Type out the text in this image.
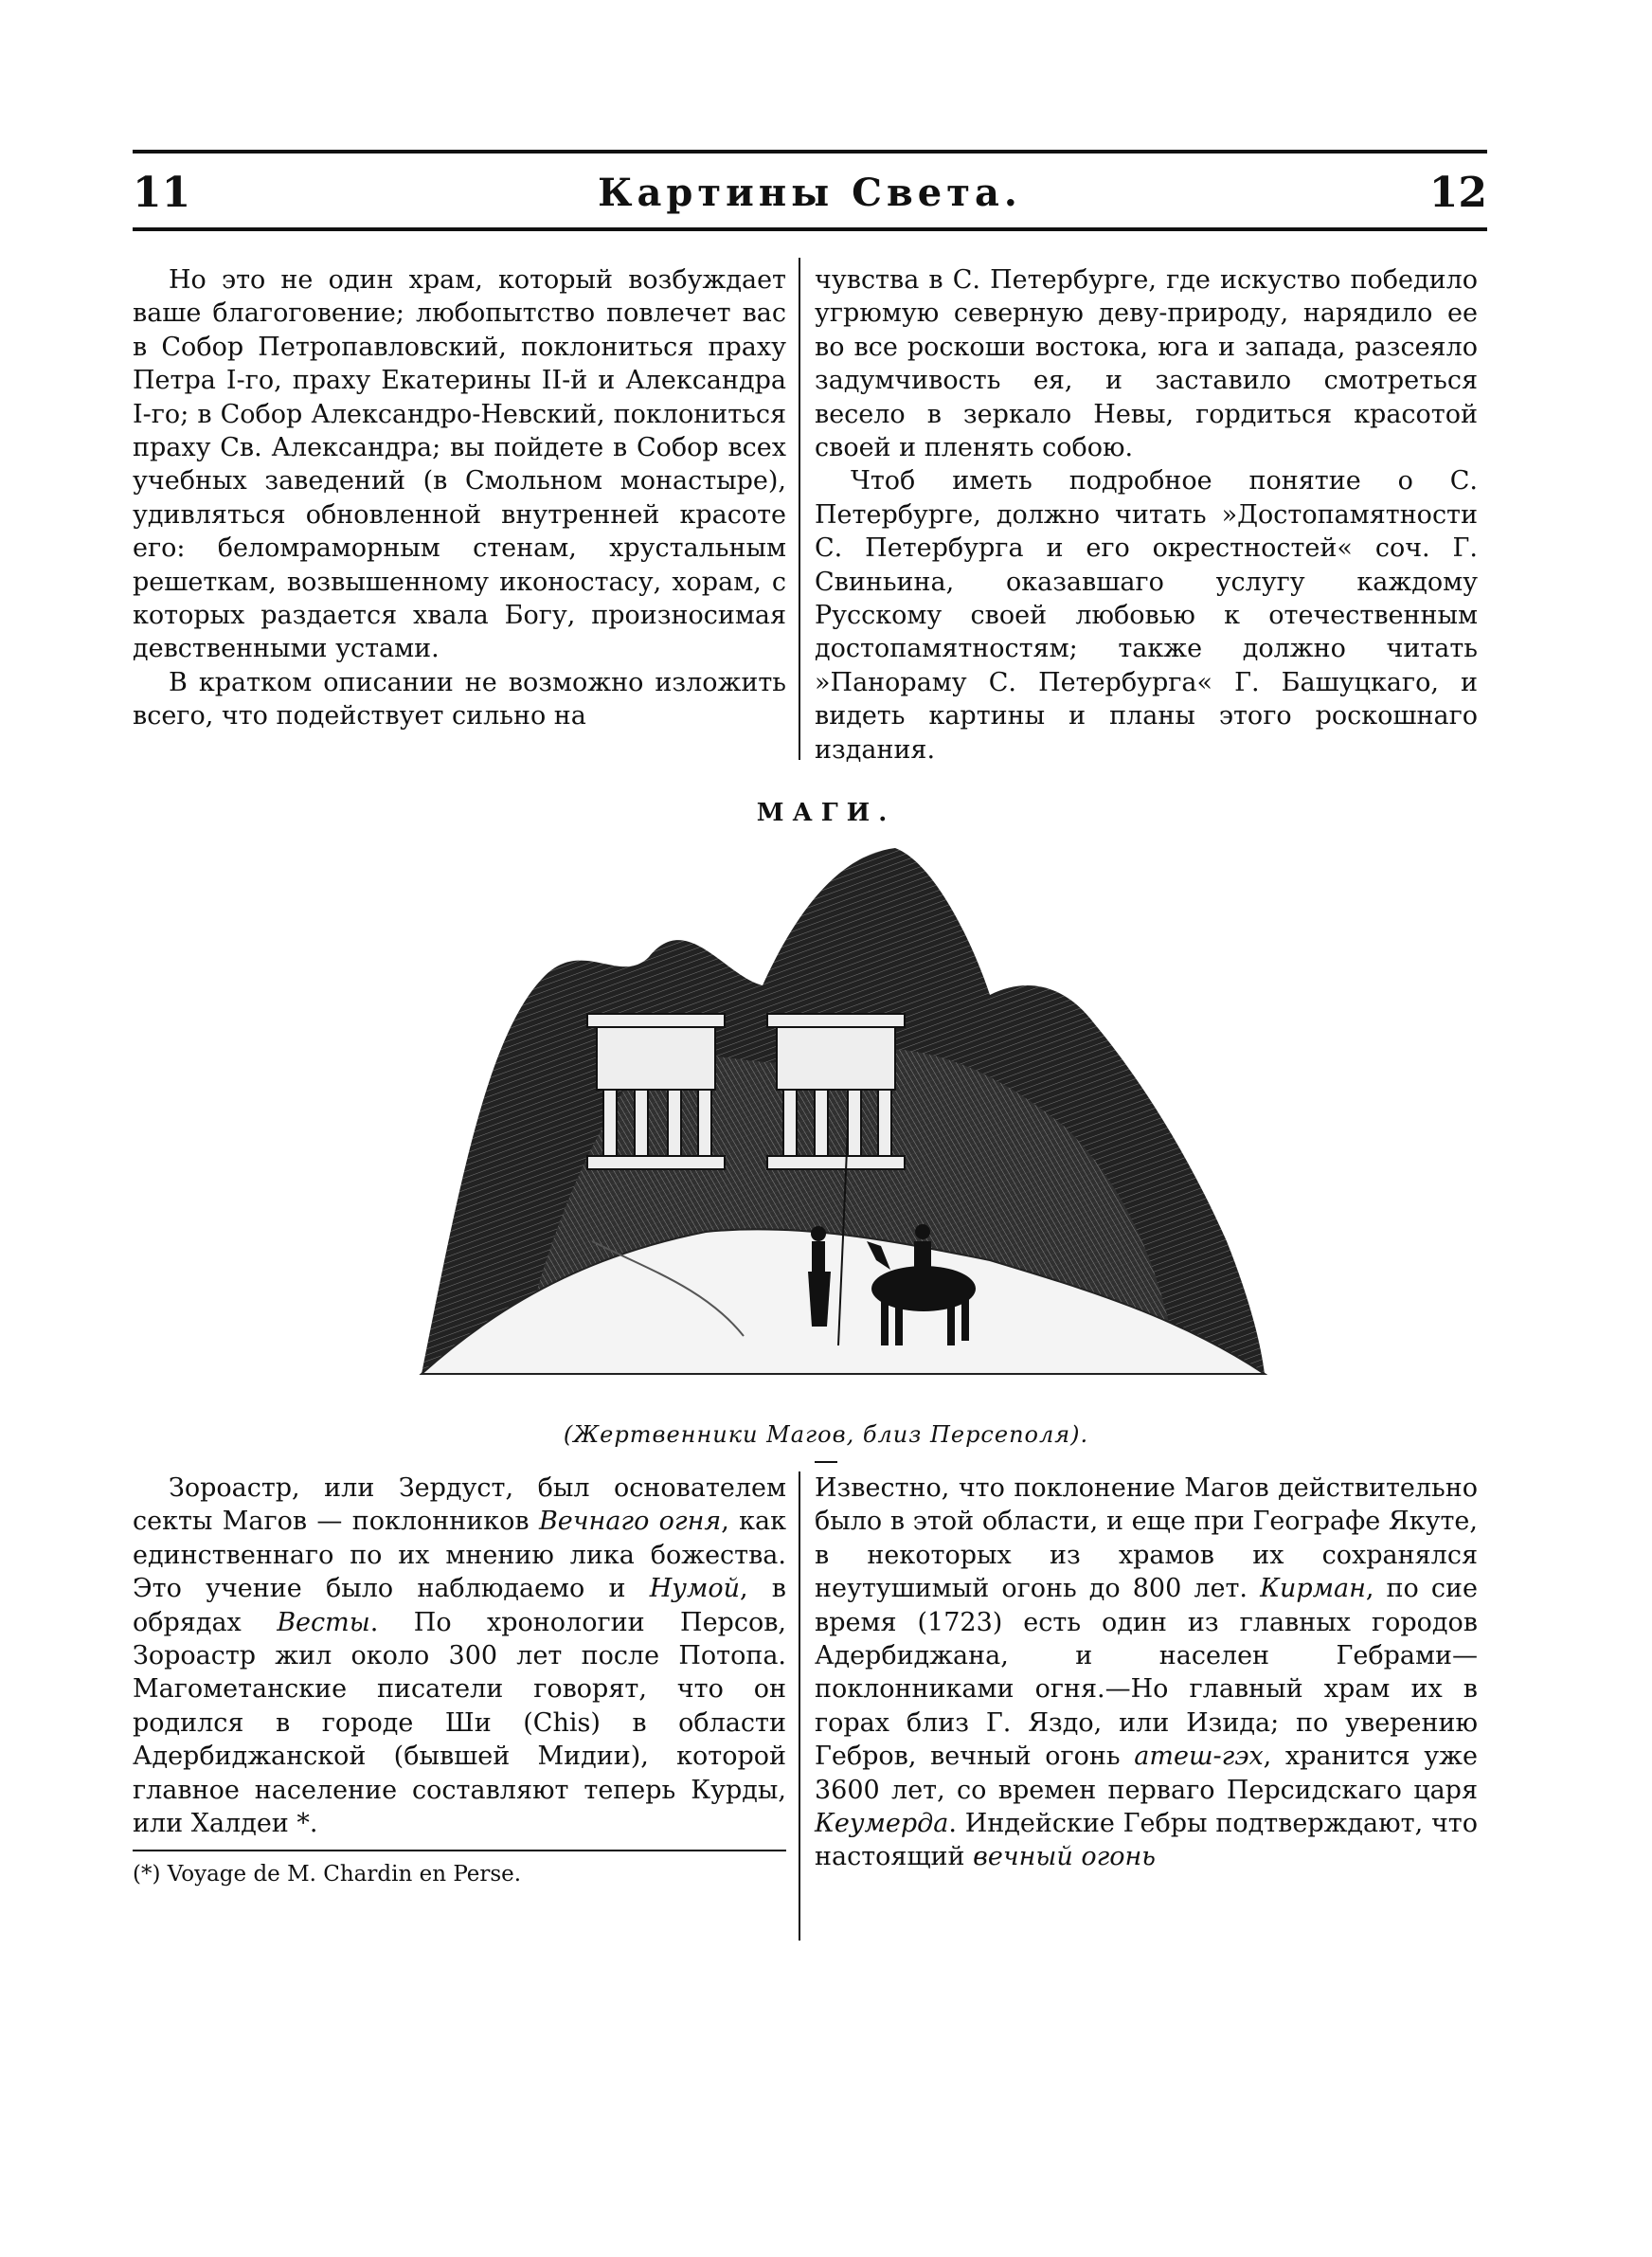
11	Картины Света.	12

Но это не один храм, который возбуждает ваше благоговение; любопытство повлечет вас в Собор Петропавловский, поклониться праху Петра I-го, праху Екатерины II-й и Александра I-го; в Собор Александро-Невский, поклониться праху Св. Александра; вы пойдете в Собор всех учебных заведений (в Смольном монастыре), удивляться обновленной внутренней красоте его: беломраморным стенам, хрустальным решеткам, возвышенному иконостасу, хорам, с которых раздается хвала Богу, произносимая девственными устами.

В кратком описании не возможно изложить всего, что подействует сильно на

чувства в С. Петербурге, где искуство победило угрюмую северную деву-природу, нарядило ее во все роскоши востока, юга и запада, разсеяло задумчивость ея, и заставило смотреться весело в зеркало Невы, гордиться красотой своей и пленять собою.

Чтоб иметь подробное понятие о С. Петербурге, должно читать »Достопамятности С. Петербурга и его окрестностей« соч. Г. Свиньина, оказавшаго услугу каждому Русскому своей любовью к отечественным достопамятностям; также должно читать »Панораму С. Петербурга« Г. Башуцкаго, и видеть картины и планы этого роскошнаго издания.

МАГИ.
(Жертвенники Магов, близ Персеполя).

Зороастр, или Зердуст, был основателем секты Магов — поклонников Вечнаго огня, как единственнаго по их мнению лика божества. Это учение было наблюдаемо и Нумой, в обрядах Весты. По хронологии Персов, Зороастр жил около 300 лет после Потопа. Магометанские писатели говорят, что он родился в городе Ши (Chis) в области Адербиджанской (бывшей Мидии), которой главное население составляют теперь Курды, или Халдеи *.

Известно, что поклонение Магов действительно было в этой области, и еще при Географе Якуте, в некоторых из храмов их сохранялся неутушимый огонь до 800 лет. Кирман, по сие время (1723) есть один из главных городов Адербиджана, и населен Гебрами—поклонниками огня.—Но главный храм их в горах близ Г. Яздо, или Изида; по уверению Гебров, вечный огонь атеш-гэх, хранится уже 3600 лет, со времен перваго Персидскаго царя Кеумерда. Индейские Гебры подтверждают, что настоящий вечный огонь

(*) Voyage de M. Chardin en Perse.
